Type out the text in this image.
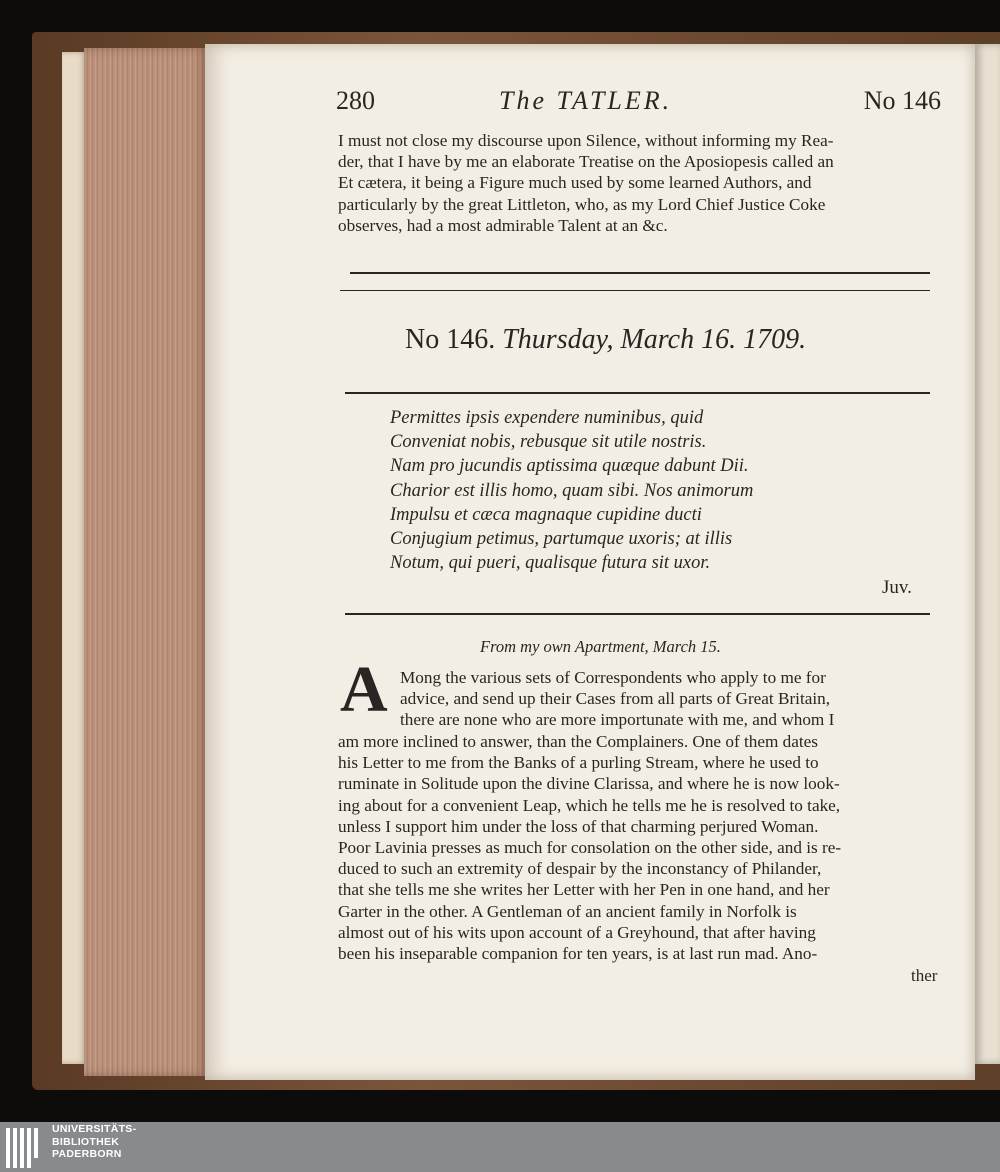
280	The TATLER.	No 146
I must not close my discourse upon Silence, without informing my Rea-
der, that I have by me an elaborate Treatise on the Aposiopesis called an
Et cætera, it being a Figure much used by some learned Authors, and
particularly by the great Littleton, who, as my Lord Chief Justice Coke
observes, had a most admirable Talent at an &c.
No 146. Thursday, March 16. 1709.
Permittes ipsis expendere numinibus, quid
Conveniat nobis, rebusque sit utile nostris.
Nam pro jucundis aptissima quæque dabunt Dii.
Charior est illis homo, quam sibi. Nos animorum
Impulsu et cæca magnaque cupidine ducti
Conjugium petimus, partumque uxoris; at illis
Notum, qui pueri, qualisque futura sit uxor.
Juv.
From my own Apartment, March 15.
A Mong the various sets of Correspondents who apply to me for
advice, and send up their Cases from all parts of Great Britain,
there are none who are more importunate with me, and whom I
am more inclined to answer, than the Complainers. One of them dates
his Letter to me from the Banks of a purling Stream, where he used to
ruminate in Solitude upon the divine Clarissa, and where he is now look-
ing about for a convenient Leap, which he tells me he is resolved to take,
unless I support him under the loss of that charming perjured Woman.
Poor Lavinia presses as much for consolation on the other side, and is re-
duced to such an extremity of despair by the inconstancy of Philander,
that she tells me she writes her Letter with her Pen in one hand, and her
Garter in the other. A Gentleman of an ancient family in Norfolk is
almost out of his wits upon account of a Greyhound, that after having
been his inseparable companion for ten years, is at last run mad. Ano-
ther
UNIVERSITÄTS-
BIBLIOTHEK
PADERBORN
